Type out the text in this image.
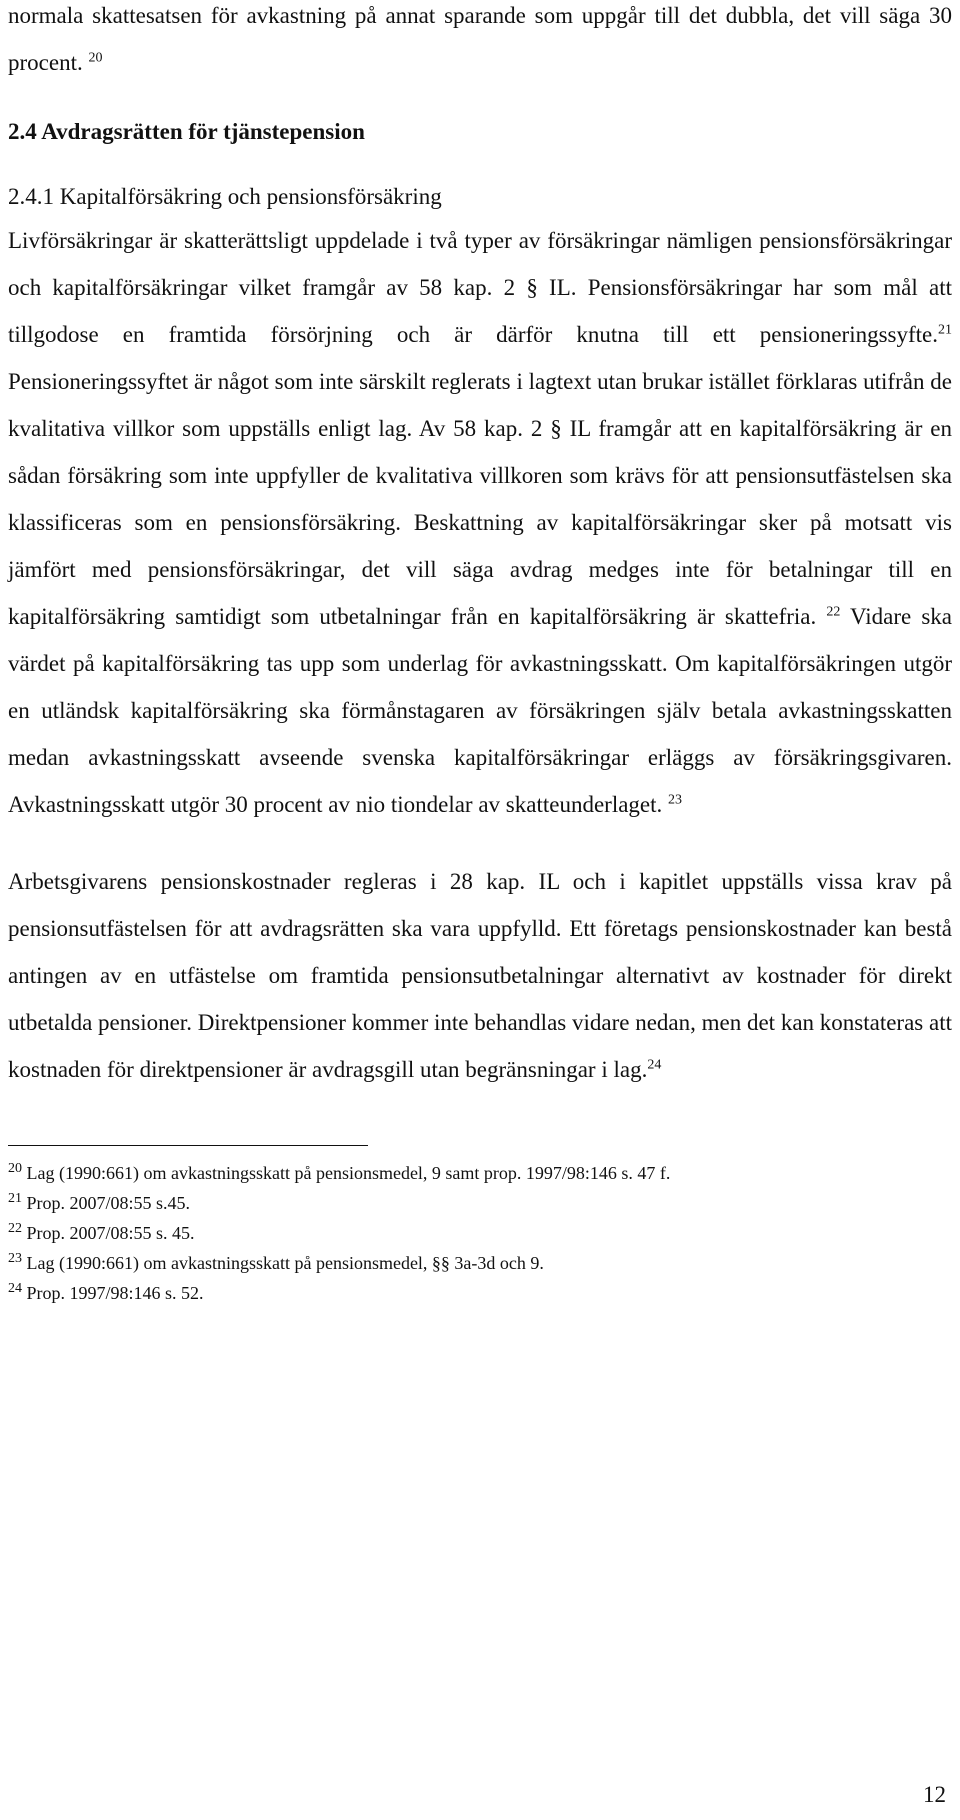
normala skattesatsen för avkastning på annat sparande som uppgår till det dubbla, det vill säga 30 procent. $^{20}$

2.4 Avdragsrätten för tjänstepension
2.4.1 Kapitalförsäkring och pensionsförsäkring

Livförsäkringar är skatterättsligt uppdelade i två typer av försäkringar nämligen pensionsförsäkringar och kapitalförsäkringar vilket framgår av 58 kap. 2 § IL. Pensionsförsäkringar har som mål att tillgodose en framtida försörjning och är därför knutna till ett pensioneringssyfte.$^{21}$ Pensioneringssyftet är något som inte särskilt reglerats i lagtext utan brukar istället förklaras utifrån de kvalitativa villkor som uppställs enligt lag. Av 58 kap. 2 § IL framgår att en kapitalförsäkring är en sådan försäkring som inte uppfyller de kvalitativa villkoren som krävs för att pensionsutfästelsen ska klassificeras som en pensionsförsäkring. Beskattning av kapitalförsäkringar sker på motsatt vis jämfört med pensionsförsäkringar, det vill säga avdrag medges inte för betalningar till en kapitalförsäkring samtidigt som utbetalningar från en kapitalförsäkring är skattefria. $^{22}$ Vidare ska värdet på kapitalförsäkring tas upp som underlag för avkastningsskatt. Om kapitalförsäkringen utgör en utländsk kapitalförsäkring ska förmånstagaren av försäkringen själv betala avkastningsskatten medan avkastningsskatt avseende svenska kapitalförsäkringar erläggs av försäkringsgivaren. Avkastningsskatt utgör 30 procent av nio tiondelar av skatteunderlaget. $^{23}$

Arbetsgivarens pensionskostnader regleras i 28 kap. IL och i kapitlet uppställs vissa krav på pensionsutfästelsen för att avdragsrätten ska vara uppfylld. Ett företags pensionskostnader kan bestå antingen av en utfästelse om framtida pensionsutbetalningar alternativt av kostnader för direkt utbetalda pensioner. Direktpensioner kommer inte behandlas vidare nedan, men det kan konstateras att kostnaden för direktpensioner är avdragsgill utan begränsningar i lag.$^{24}$

$^{20}$ Lag (1990:661) om avkastningsskatt på pensionsmedel, 9 samt prop. 1997/98:146 s. 47 f.

$^{21}$ Prop. 2007/08:55 s.45.

$^{22}$ Prop. 2007/08:55 s. 45.

$^{23}$ Lag (1990:661) om avkastningsskatt på pensionsmedel, §§ 3a-3d och 9.

$^{24}$ Prop. 1997/98:146 s. 52.

12
